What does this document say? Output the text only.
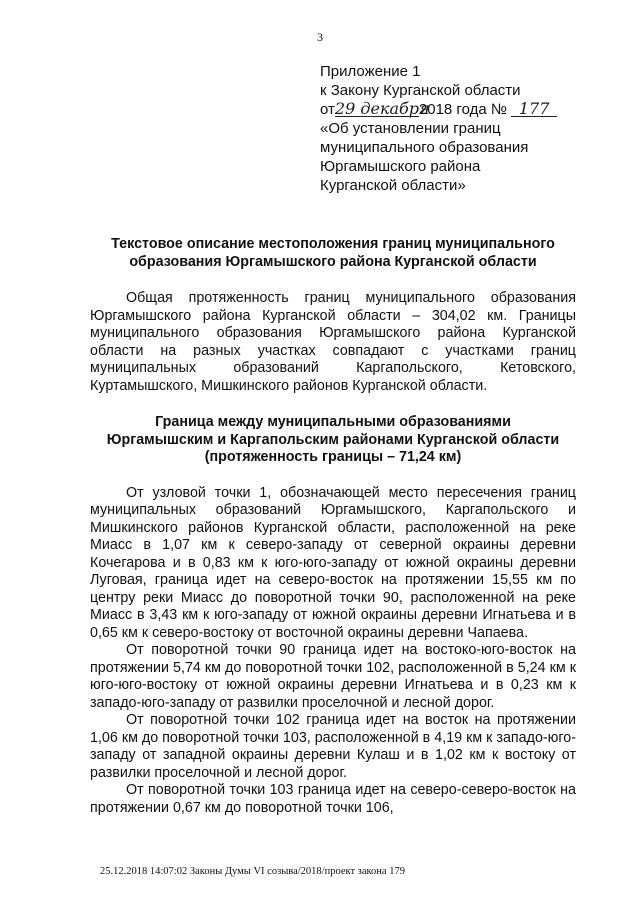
3
Приложение 1
к Закону Курганской области
от29 декабря2018 года № 177
«Об установлении границ
муниципального образования
Юргамышского района
Курганской области»
Текстовое описание местоположения границ муниципального
образования Юргамышского района Курганской области

Общая протяженность границ муниципального образования Юргамышского района Курганской области – 304,02 км. Границы муниципального образования Юргамышского района Курганской области на разных участках совпадают с участками границ муниципальных образований Каргапольского, Кетовского, Куртамышского, Мишкинского районов Курганской области.

Граница между муниципальными образованиями
Юргамышским и Каргапольским районами Курганской области
(протяженность границы – 71,24 км)

От узловой точки 1, обозначающей место пересечения границ муниципальных образований Юргамышского, Каргапольского и Мишкинского районов Курганской области, расположенной на реке Миасс в 1,07 км к северо-западу от северной окраины деревни Кочегарова и в 0,83 км к юго-юго-западу от южной окраины деревни Луговая, граница идет на северо-восток на протяжении 15,55 км по центру реки Миасс до поворотной точки 90, расположенной на реке Миасс в 3,43 км к юго-западу от южной окраины деревни Игнатьева и в 0,65 км к северо-востоку от восточной окраины деревни Чапаева.

От поворотной точки 90 граница идет на востоко-юго-восток на протяжении 5,74 км до поворотной точки 102, расположенной в 5,24 км к юго-юго-востоку от южной окраины деревни Игнатьева и в 0,23 км к западо-юго-западу от развилки проселочной и лесной дорог.

От поворотной точки 102 граница идет на восток на протяжении 1,06 км до поворотной точки 103, расположенной в 4,19 км к западо-юго-западу от западной окраины деревни Кулаш и в 1,02 км к востоку от развилки проселочной и лесной дорог.

От поворотной точки 103 граница идет на северо-северо-восток на протяжении 0,67 км до поворотной точки 106,

25.12.2018 14:07:02 Законы Думы VI созыва/2018/проект закона 179
